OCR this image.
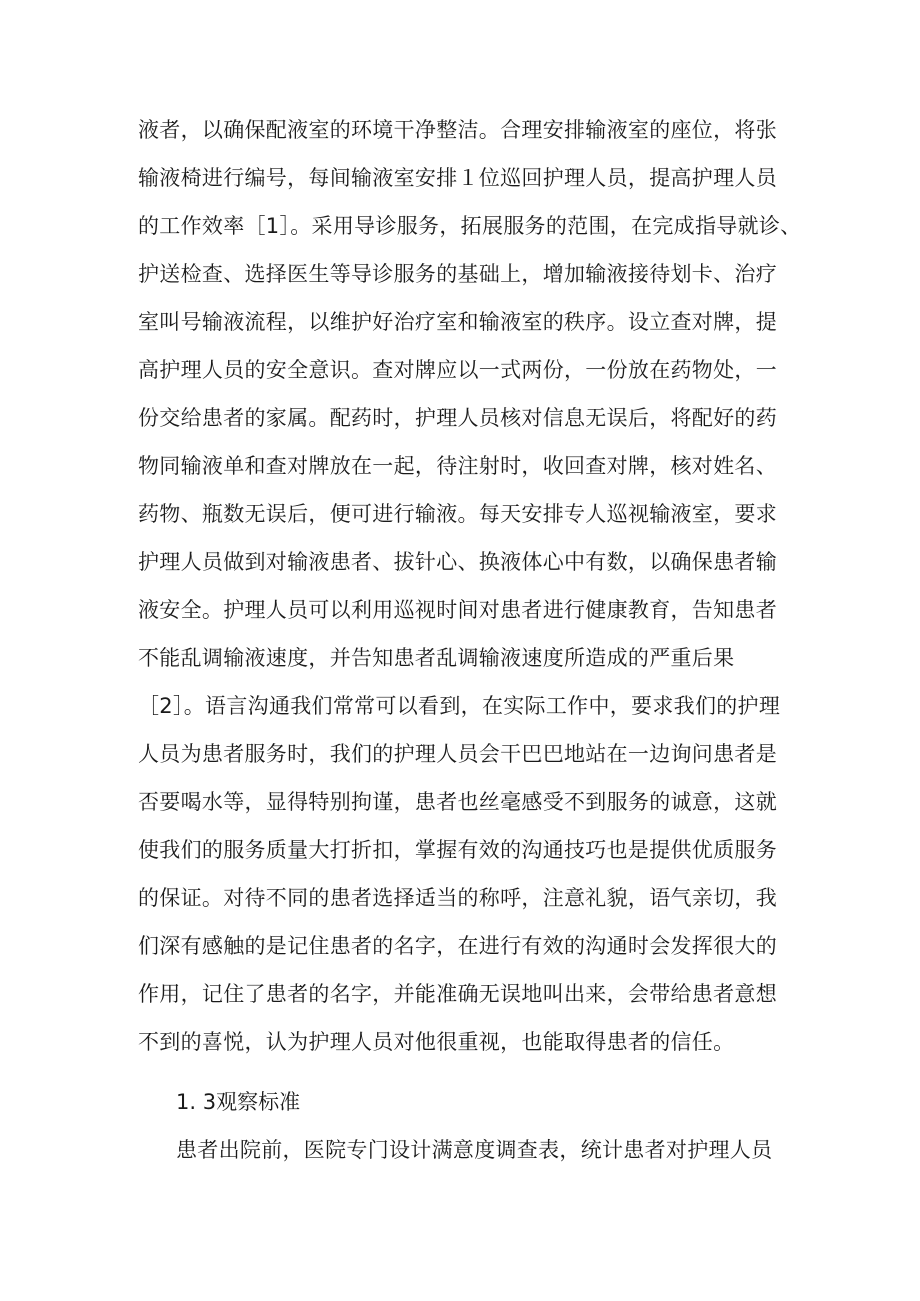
液者，以确保配液室的环境干净整洁。合理安排输液室的座位，将张
输液椅进行编号，每间输液室安排１位巡回护理人员，提高护理人员
的工作效率［1］。采用导诊服务，拓展服务的范围，在完成指导就诊、
护送检查、选择医生等导诊服务的基础上，增加输液接待划卡、治疗
室叫号输液流程，以维护好治疗室和输液室的秩序。设立查对牌，提
高护理人员的安全意识。查对牌应以一式两份，一份放在药物处，一
份交给患者的家属。配药时，护理人员核对信息无误后，将配好的药
物同输液单和查对牌放在一起，待注射时，收回查对牌，核对姓名、
药物、瓶数无误后，便可进行输液。每天安排专人巡视输液室，要求
护理人员做到对输液患者、拔针心、换液体心中有数，以确保患者输
液安全。护理人员可以利用巡视时间对患者进行健康教育，告知患者
不能乱调输液速度，并告知患者乱调输液速度所造成的严重后果
［2］。语言沟通我们常常可以看到，在实际工作中，要求我们的护理
人员为患者服务时，我们的护理人员会干巴巴地站在一边询问患者是
否要喝水等，显得特别拘谨，患者也丝毫感受不到服务的诚意，这就
使我们的服务质量大打折扣，掌握有效的沟通技巧也是提供优质服务
的保证。对待不同的患者选择适当的称呼，注意礼貌，语气亲切，我
们深有感触的是记住患者的名字，在进行有效的沟通时会发挥很大的
作用，记住了患者的名字，并能准确无误地叫出来，会带给患者意想
不到的喜悦，认为护理人员对他很重视，也能取得患者的信任。
1. 3观察标准
患者出院前，医院专门设计满意度调查表，统计患者对护理人员
